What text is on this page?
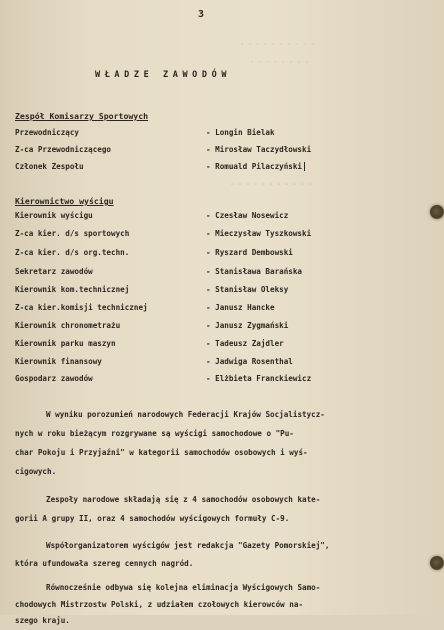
- - - - - - - - - -
- - - - - - - -
- - - - - - - - - - -
3
WŁADZE ZAWODÓW
Zespół Komisarzy Sportowych
Przewodniczący	- Longin Bielak
Z-ca Przewodniczącego	- Mirosław Taczydłowski
Członek Zespołu	- Romuald Pilaczyński
Kierownictwo wyścigu
Kierownik wyścigu	- Czesław Nosewicz
Z-ca kier. d/s sportowych	- Mieczysław Tyszkowski
Z-ca kier. d/s org.techn.	- Ryszard Dembowski
Sekretarz zawodów	- Stanisława Barańska
Kierownik kom.technicznej	- Stanisław Oleksy
Z-ca kier.komisji technicznej	- Janusz Hancke
Kierownik chronometrażu	- Janusz Zygmański
Kierownik parku maszyn	- Tadeusz Zajdler
Kierownik finansowy	- Jadwiga Rosenthal
Gospodarz zawodów	- Elżbieta Franckiewicz
W wyniku porozumień narodowych Federacji Krajów Socjalistycz-
nych w roku bieżącym rozgrywane są wyścigi samochodowe o "Pu-
char Pokoju i Przyjaźni" w kategorii samochodów osobowych i wyś-
cigowych.
Zespoły narodowe składają się z 4 samochodów osobowych kate-
gorii A grupy II, oraz 4 samochodów wyścigowych formuły C-9.
Współorganizatorem wyścigów jest redakcja "Gazety Pomorskiej",
która ufundowała szereg cennych nagród.
Równocześnie odbywa się kolejna eliminacja Wyścigowych Samo-
chodowych Mistrzostw Polski, z udziałem czołowych kierowców na-
szego kraju.
